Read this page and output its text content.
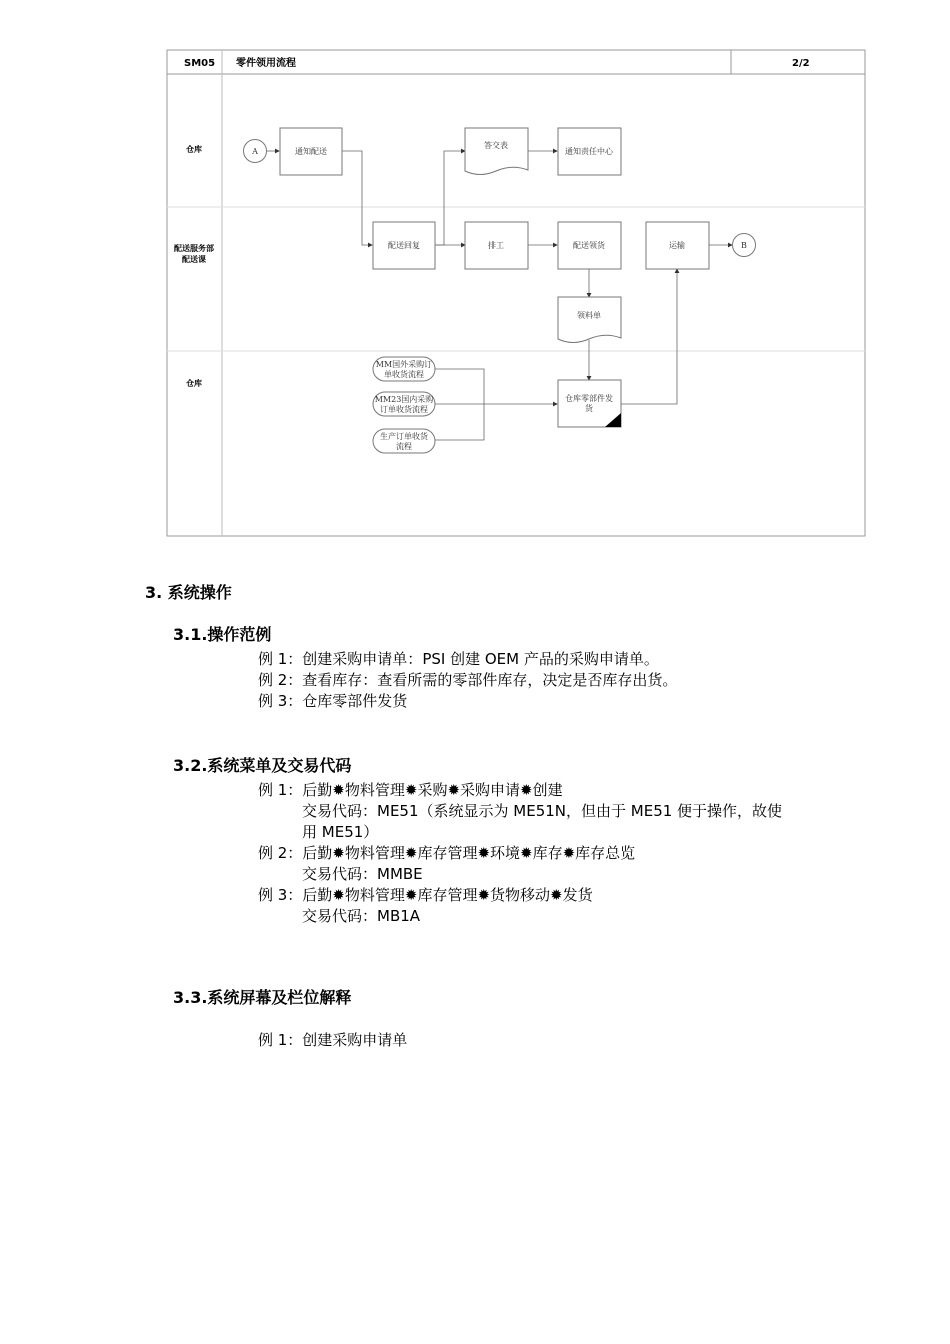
SM05 零件领用流程	2/2
仓库
配送服务部
配送课
仓库
A	通知配送
答交表
通知责任中心
配送回复	排工	配送领货	运输	B
领料单
MM国外采购订
单收货流程
MM23国内采购
订单收货流程
生产订单收货
流程
仓库零部件发
货
3. 系统操作
3.1.操作范例
例 1：创建采购申请单：PSI 创建 OEM 产品的采购申请单。
例 2：查看库存：查看所需的零部件库存，决定是否库存出货。
例 3：仓库零部件发货
3.2.系统菜单及交易代码
例 1：后勤✹物料管理✹采购✹采购申请✹创建
交易代码：ME51（系统显示为 ME51N，但由于 ME51 便于操作，故使
用 ME51）
例 2：后勤✹物料管理✹库存管理✹环境✹库存✹库存总览
交易代码：MMBE
例 3：后勤✹物料管理✹库存管理✹货物移动✹发货
交易代码：MB1A
3.3.系统屏幕及栏位解释
例 1：创建采购申请单
